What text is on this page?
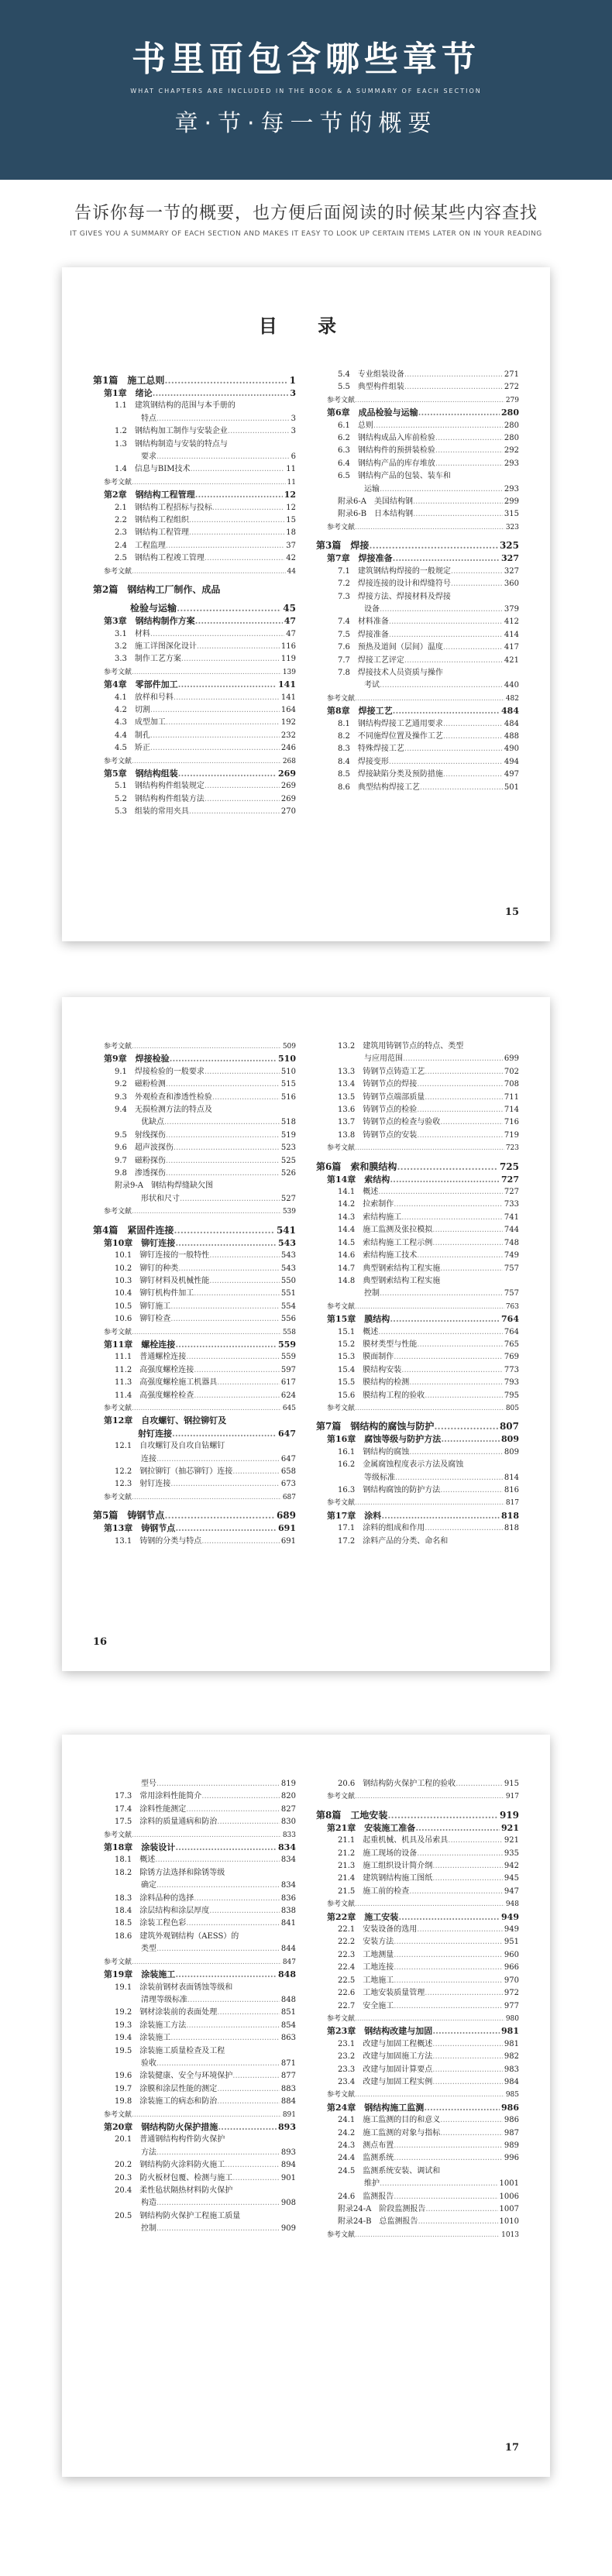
书里面包含哪些章节
WHAT CHAPTERS ARE INCLUDED IN THE BOOK & A SUMMARY OF EACH SECTION
章·节·每一节的概要
告诉你每一节的概要，也方便后面阅读的时候某些内容查找
IT GIVES YOU A SUMMARY OF EACH SECTION AND MAKES IT EASY TO LOOK UP CERTAIN ITEMS LATER ON IN YOUR READING
目 录
第1篇　施工总则 .....	1
第1章　绪论 .....	3
1.1　建筑钢结构的范围与本手册的
特点 .....	3
1.2　钢结构加工制作与安装企业 .....	3
1.3　钢结构制造与安装的特点与
要求 .....	6
1.4　信息与BIM技术 .....	11
参考文献 .....	11
第2章　钢结构工程管理 .....	12
2.1　钢结构工程招标与投标 .....	12
2.2　钢结构工程组织 .....	15
2.3　钢结构工程管理 .....	18
2.4　工程监理 .....	37
2.5　钢结构工程竣工管理 .....	42
参考文献 .....	44
第2篇　钢结构工厂制作、成品
　　　　检验与运输 .....	45
第3章　钢结构制作方案 .....	47
3.1　材料 .....	47
3.2　施工详图深化设计 .....	116
3.3　制作工艺方案 .....	119
参考文献 .....	139
第4章　零部件加工 .....	141
4.1　放样和号料 .....	141
4.2　切割 .....	164
4.3　成型加工 .....	192
4.4　制孔 .....	232
4.5　矫正 .....	246
参考文献 .....	268
第5章　钢结构组装 .....	269
5.1　钢结构构件组装规定 .....	269
5.2　钢结构构件组装方法 .....	269
5.3　组装的常用夹具 .....	270
5.4　专业组装设备 .....	271
5.5　典型构件组装 .....	272
参考文献 .....	279
第6章　成品检验与运输 .....	280
6.1　总则 .....	280
6.2　钢结构成品入库前检验 .....	280
6.3　钢结构件的预拼装检验 .....	292
6.4　钢结构产品的库存堆放 .....	293
6.5　钢结构产品的包装、装车和
运输 .....	293
附录6-A　美国结构钢 .....	299
附录6-B　日本结构钢 .....	315
参考文献 .....	323
第3篇　焊接 .....	325
第7章　焊接准备 .....	327
7.1　建筑钢结构焊接的一般规定 .....	327
7.2　焊接连接的设计和焊缝符号 .....	360
7.3　焊接方法、焊接材料及焊接
设备 .....	379
7.4　材料准备 .....	412
7.5　焊接准备 .....	414
7.6　预热及道间（层间）温度 .....	417
7.7　焊接工艺评定 .....	421
7.8　焊接技术人员资质与操作
考试 .....	440
参考文献 .....	482
第8章　焊接工艺 .....	484
8.1　钢结构焊接工艺通用要求 .....	484
8.2　不同施焊位置及操作工艺 .....	488
8.3　特殊焊接工艺 .....	490
8.4　焊接变形 .....	494
8.5　焊接缺陷分类及预防措施 .....	497
8.6　典型结构焊接工艺 .....	501
15
参考文献 .....	509
第9章　焊接检验 .....	510
9.1　焊接检验的一般要求 .....	510
9.2　磁粉检测 .....	515
9.3　外观检查和渗透性检验 .....	516
9.4　无损检测方法的特点及
优缺点 .....	518
9.5　射线探伤 .....	519
9.6　超声波探伤 .....	523
9.7　磁粉探伤 .....	525
9.8　渗透探伤 .....	526
附录9-A　钢结构焊缝缺欠图
形状和尺寸 .....	527
参考文献 .....	539
第4篇　紧固件连接 .....	541
第10章　铆钉连接 .....	543
10.1　铆钉连接的一般特性 .....	543
10.2　铆钉的种类 .....	543
10.3　铆钉材料及机械性能 .....	550
10.4　铆钉机构件加工 .....	551
10.5　铆钉施工 .....	554
10.6　铆钉检查 .....	556
参考文献 .....	558
第11章　螺栓连接 .....	559
11.1　普通螺栓连接 .....	559
11.2　高强度螺栓连接 .....	597
11.3　高强度螺栓施工机器具 .....	617
11.4　高强度螺栓检查 .....	624
参考文献 .....	645
第12章　自攻螺钉、钢拉铆钉及
　　　　射钉连接 .....	647
12.1　自攻螺钉及自攻自钻螺钉
连接 .....	647
12.2　钢拉铆钉（抽芯铆钉）连接 .....	658
12.3　射钉连接 .....	673
参考文献 .....	687
第5篇　铸钢节点 .....	689
第13章　铸钢节点 .....	691
13.1　铸钢的分类与特点 .....	691
13.2　建筑用铸钢节点的特点、类型
与应用范围 .....	699
13.3　铸钢节点铸造工艺 .....	702
13.4　铸钢节点的焊接 .....	708
13.5　铸钢节点端部质量 .....	711
13.6　铸钢节点的检验 .....	714
13.7　铸钢节点的检查与验收 .....	716
13.8　铸钢节点的安装 .....	719
参考文献 .....	723
第6篇　索和膜结构 .....	725
第14章　索结构 .....	727
14.1　概述 .....	727
14.2　拉索制作 .....	733
14.3　索结构施工 .....	741
14.4　施工监测及张拉模拟 .....	744
14.5　索结构施工工程示例 .....	748
14.6　索结构施工技术 .....	749
14.7　典型钢索结构工程实施 .....	757
14.8　典型钢索结构工程实施
控制 .....	757
参考文献 .....	763
第15章　膜结构 .....	764
15.1　概述 .....	764
15.2　膜材类型与性能 .....	765
15.3　膜面制作 .....	769
15.4　膜结构安装 .....	773
15.5　膜结构的检测 .....	793
15.6　膜结构工程的验收 .....	795
参考文献 .....	805
第7篇　钢结构的腐蚀与防护 .....	807
第16章　腐蚀等级与防护方法 .....	809
16.1　钢结构的腐蚀 .....	809
16.2　金属腐蚀程度表示方法及腐蚀
等级标准 .....	814
16.3　钢结构腐蚀的防护方法 .....	816
参考文献 .....	817
第17章　涂料 .....	818
17.1　涂料的组成和作用 .....	818
17.2　涂料产品的分类、命名和
16
型号 .....	819
17.3　常用涂料性能简介 .....	820
17.4　涂料性能测定 .....	827
17.5　涂料的质量通病和防治 .....	830
参考文献 .....	833
第18章　涂装设计 .....	834
18.1　概述 .....	834
18.2　除锈方法选择和除锈等级
确定 .....	834
18.3　涂料品种的选择 .....	836
18.4　涂层结构和涂层厚度 .....	838
18.5　涂装工程色彩 .....	841
18.6　建筑外观钢结构（AESS）的
类型 .....	844
参考文献 .....	847
第19章　涂装施工 .....	848
19.1　涂装前钢材表面锈蚀等级和
清理等级标准 .....	848
19.2　钢材涂装前的表面处理 .....	851
19.3　涂装施工方法 .....	854
19.4　涂装施工 .....	863
19.5　涂装施工质量检查及工程
验收 .....	871
19.6　涂装健康、安全与环境保护 .....	877
19.7　涂膜和涂层性能的测定 .....	883
19.8　涂装施工的病态和防治 .....	884
参考文献 .....	891
第20章　钢结构防火保护措施 .....	893
20.1　普通钢结构构件防火保护
方法 .....	893
20.2　钢结构防火涂料防火施工 .....	894
20.3　防火板材包覆、检测与施工 .....	901
20.4　柔性毡状隔热材料防火保护
构造 .....	908
20.5　钢结构防火保护工程施工质量
控制 .....	909
20.6　钢结构防火保护工程的验收 .....	915
参考文献 .....	917
第8篇　工地安装 .....	919
第21章　安装施工准备 .....	921
21.1　起重机械、机具及吊索具 .....	921
21.2　施工现场的设备 .....	935
21.3　施工组织设计简介纲 .....	942
21.4　建筑钢结构施工图纸 .....	945
21.5　施工前的检查 .....	947
参考文献 .....	948
第22章　施工安装 .....	949
22.1　安装设备的选用 .....	949
22.2　安装方法 .....	951
22.3　工地测量 .....	960
22.4　工地连接 .....	966
22.5　工地施工 .....	970
22.6　工地安装质量管理 .....	972
22.7　安全施工 .....	977
参考文献 .....	980
第23章　钢结构改建与加固 .....	981
23.1　改建与加固工程概述 .....	981
23.2　改建与加固施工方法 .....	982
23.3　改建与加固计算要点 .....	983
23.4　改建与加固工程实例 .....	984
参考文献 .....	985
第24章　钢结构施工监测 .....	986
24.1　施工监测的目的和意义 .....	986
24.2　施工监测的对象与指标 .....	987
24.3　测点布置 .....	989
24.4　监测系统 .....	996
24.5　监测系统安装、调试和
维护 .....	1001
24.6　监测报告 .....	1006
附录24-A　阶段监测报告 .....	1007
附录24-B　总监测报告 .....	1010
参考文献 .....	1013
17
